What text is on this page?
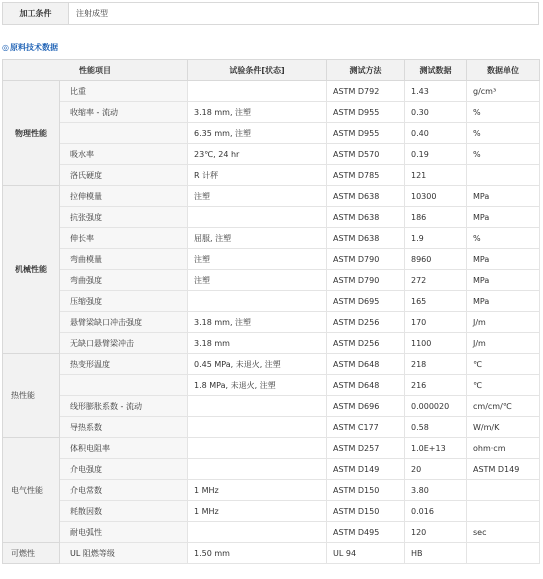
加工条件	注射成型
◎原料技术数据
性能项目		试验条件[状态]	测试方法	测试数据	数据单位
物理性能	比重		ASTM D792	1.43	g/cm³
	收缩率 - 流动	3.18 mm, 注塑	ASTM D955	0.30	%
		6.35 mm, 注塑	ASTM D955	0.40	%
	吸水率	23℃, 24 hr	ASTM D570	0.19	%
	洛氏硬度	R 计秤	ASTM D785	121	
机械性能	拉伸模量	注塑	ASTM D638	10300	MPa
	抗张强度		ASTM D638	186	MPa
	伸长率	屈服, 注塑	ASTM D638	1.9	%
	弯曲模量	注塑	ASTM D790	8960	MPa
	弯曲强度	注塑	ASTM D790	272	MPa
	压缩强度		ASTM D695	165	MPa
	悬臂梁缺口冲击强度	3.18 mm, 注塑	ASTM D256	170	J/m
	无缺口悬臂梁冲击	3.18 mm	ASTM D256	1100	J/m
热性能	热变形温度	0.45 MPa, 未退火, 注塑	ASTM D648	218	℃
		1.8 MPa, 未退火, 注塑	ASTM D648	216	℃
	线形膨胀系数 - 流动		ASTM D696	0.000020	cm/cm/℃
	导热系数		ASTM C177	0.58	W/m/K
电气性能	体积电阻率		ASTM D257	1.0E+13	ohm·cm
	介电强度		ASTM D149	20	ASTM D149
	介电常数	1 MHz	ASTM D150	3.80	
	耗散因数	1 MHz	ASTM D150	0.016	
	耐电弧性		ASTM D495	120	sec
可燃性	UL 阻燃等级	1.50 mm	UL 94	HB	
